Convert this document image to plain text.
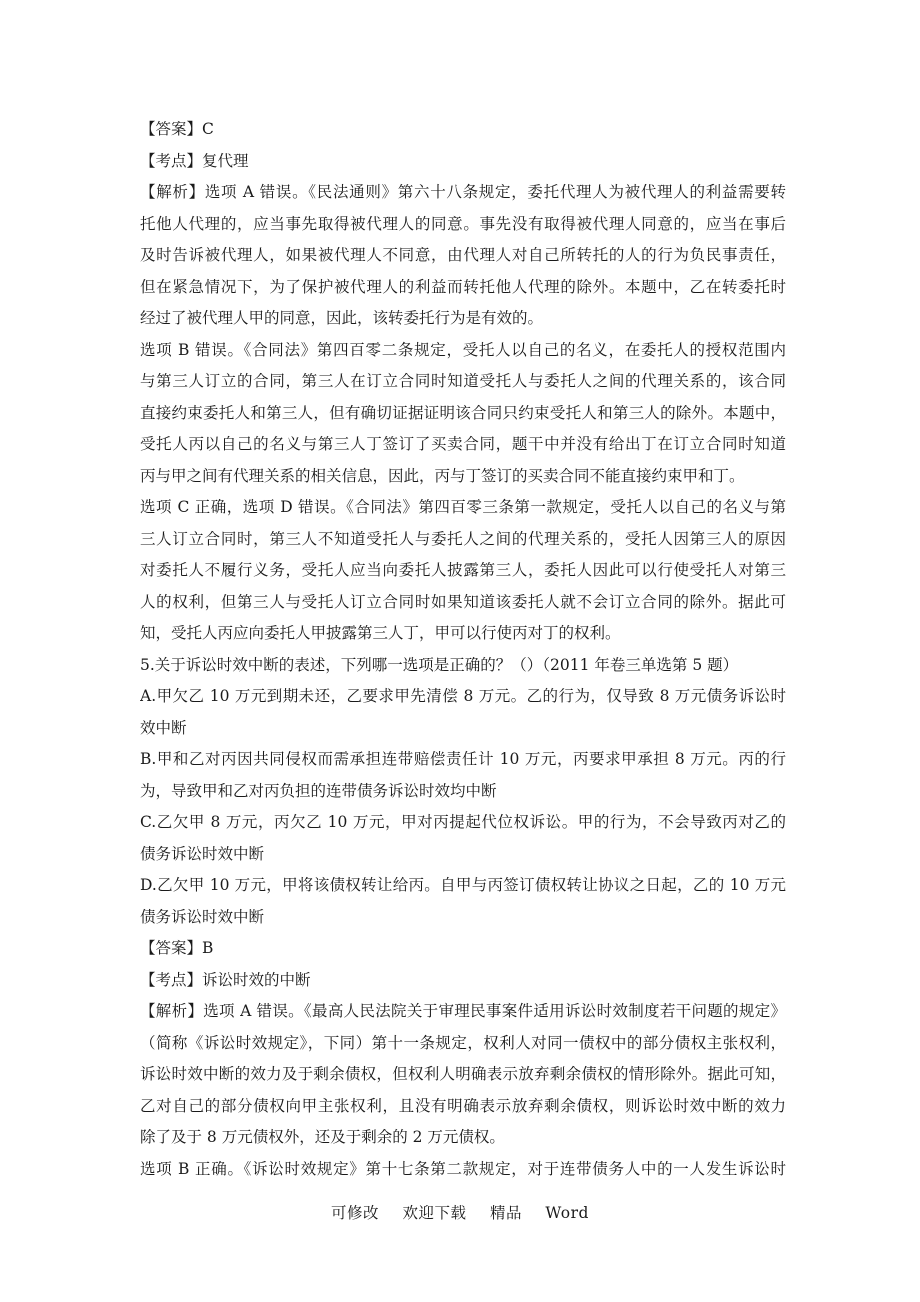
【答案】C
【考点】复代理
【解析】选项 A 错误。《民法通则》第六十八条规定，委托代理人为被代理人的利益需要转
托他人代理的，应当事先取得被代理人的同意。事先没有取得被代理人同意的，应当在事后
及时告诉被代理人，如果被代理人不同意，由代理人对自己所转托的人的行为负民事责任，
但在紧急情况下，为了保护被代理人的利益而转托他人代理的除外。本题中，乙在转委托时
经过了被代理人甲的同意，因此，该转委托行为是有效的。
选项 B 错误。《合同法》第四百零二条规定，受托人以自己的名义，在委托人的授权范围内
与第三人订立的合同，第三人在订立合同时知道受托人与委托人之间的代理关系的，该合同
直接约束委托人和第三人，但有确切证据证明该合同只约束受托人和第三人的除外。本题中，
受托人丙以自己的名义与第三人丁签订了买卖合同，题干中并没有给出丁在订立合同时知道
丙与甲之间有代理关系的相关信息，因此，丙与丁签订的买卖合同不能直接约束甲和丁。
选项 C 正确，选项 D 错误。《合同法》第四百零三条第一款规定，受托人以自己的名义与第
三人订立合同时，第三人不知道受托人与委托人之间的代理关系的，受托人因第三人的原因
对委托人不履行义务，受托人应当向委托人披露第三人，委托人因此可以行使受托人对第三
人的权利，但第三人与受托人订立合同时如果知道该委托人就不会订立合同的除外。据此可
知，受托人丙应向委托人甲披露第三人丁，甲可以行使丙对丁的权利。
5.关于诉讼时效中断的表述，下列哪一选项是正确的？（）（2011 年卷三单选第 5 题）
A.甲欠乙 10 万元到期未还，乙要求甲先清偿 8 万元。乙的行为，仅导致 8 万元债务诉讼时
效中断
B.甲和乙对丙因共同侵权而需承担连带赔偿责任计 10 万元，丙要求甲承担 8 万元。丙的行
为，导致甲和乙对丙负担的连带债务诉讼时效均中断
C.乙欠甲 8 万元，丙欠乙 10 万元，甲对丙提起代位权诉讼。甲的行为，不会导致丙对乙的
债务诉讼时效中断
D.乙欠甲 10 万元，甲将该债权转让给丙。自甲与丙签订债权转让协议之日起，乙的 10 万元
债务诉讼时效中断
【答案】B
【考点】诉讼时效的中断
【解析】选项 A 错误。《最高人民法院关于审理民事案件适用诉讼时效制度若干问题的规定》
（简称《诉讼时效规定》，下同）第十一条规定，权利人对同一债权中的部分债权主张权利，
诉讼时效中断的效力及于剩余债权，但权利人明确表示放弃剩余债权的情形除外。据此可知，
乙对自己的部分债权向甲主张权利，且没有明确表示放弃剩余债权，则诉讼时效中断的效力
除了及于 8 万元债权外，还及于剩余的 2 万元债权。
选项 B 正确。《诉讼时效规定》第十七条第二款规定，对于连带债务人中的一人发生诉讼时
可修改 欢迎下载 精品 Word
